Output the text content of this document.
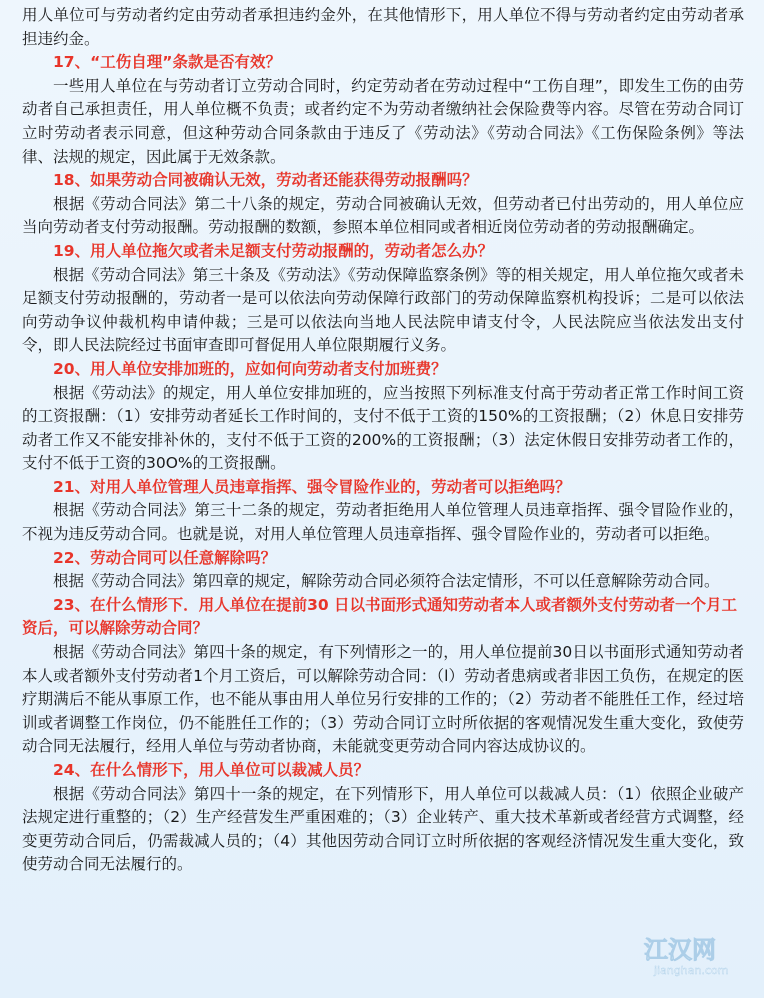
用人单位可与劳动者约定由劳动者承担违约金外，在其他情形下，用人单位不得与劳动者约定由劳动者承担违约金。

17、“工伤自理”条款是否有效？

一些用人单位在与劳动者订立劳动合同时，约定劳动者在劳动过程中“工伤自理”，即发生工伤的由劳动者自己承担责任，用人单位概不负责；或者约定不为劳动者缴纳社会保险费等内容。尽管在劳动合同订立时劳动者表示同意，但这种劳动合同条款由于违反了《劳动法》《劳动合同法》《工伤保险条例》等法律、法规的规定，因此属于无效条款。

18、如果劳动合同被确认无效，劳动者还能获得劳动报酬吗？

根据《劳动合同法》第二十八条的规定，劳动合同被确认无效，但劳动者已付出劳动的，用人单位应当向劳动者支付劳动报酬。劳动报酬的数额，参照本单位相同或者相近岗位劳动者的劳动报酬确定。

19、用人单位拖欠或者未足额支付劳动报酬的，劳动者怎么办？

根据《劳动合同法》第三十条及《劳动法》《劳动保障监察条例》等的相关规定，用人单位拖欠或者未足额支付劳动报酬的，劳动者一是可以依法向劳动保障行政部门的劳动保障监察机构投诉；二是可以依法向劳动争议仲裁机构申请仲裁；三是可以依法向当地人民法院申请支付令，人民法院应当依法发出支付令，即人民法院经过书面审查即可督促用人单位限期履行义务。

20、用人单位安排加班的，应如何向劳动者支付加班费？

根据《劳动法》的规定，用人单位安排加班的，应当按照下列标准支付高于劳动者正常工作时间工资的工资报酬：（1）安排劳动者延长工作时间的，支付不低于工资的150%的工资报酬；（2）休息日安排劳动者工作又不能安排补休的，支付不低于工资的200%的工资报酬；（3）法定休假日安排劳动者工作的，支付不低于工资的30O%的工资报酬。

21、对用人单位管理人员违章指挥、强令冒险作业的，劳动者可以拒绝吗？

根据《劳动合同法》第三十二条的规定，劳动者拒绝用人单位管理人员违章指挥、强令冒险作业的，不视为违反劳动合同。也就是说，对用人单位管理人员违章指挥、强令冒险作业的，劳动者可以拒绝。

22、劳动合同可以任意解除吗？

根据《劳动合同法》第四章的规定，解除劳动合同必须符合法定情形，不可以任意解除劳动合同。

23、在什么情形下．用人单位在提前30 日以书面形式通知劳动者本人或者额外支付劳动者一个月工资后，可以解除劳动合同？

根据《劳动合同法》第四十条的规定，有下列情形之一的，用人单位提前30日以书面形式通知劳动者本人或者额外支付劳动者1个月工资后，可以解除劳动合同：（l）劳动者患病或者非因工负伤，在规定的医疗期满后不能从事原工作，也不能从事由用人单位另行安排的工作的；（2）劳动者不能胜任工作，经过培训或者调整工作岗位，仍不能胜任工作的；（3）劳动合同订立时所依据的客观情况发生重大变化，致使劳动合同无法履行，经用人单位与劳动者协商，未能就变更劳动合同内容达成协议的。

24、在什么情形下，用人单位可以裁减人员？

根据《劳动合同法》第四十一条的规定，在下列情形下，用人单位可以裁减人员：（1）依照企业破产法规定进行重整的；（2）生产经营发生严重困难的；（3）企业转产、重大技术革新或者经营方式调整，经变更劳动合同后，仍需裁减人员的；（4）其他因劳动合同订立时所依据的客观经济情况发生重大变化，致使劳动合同无法履行的。

江汉网
jianghan.com
